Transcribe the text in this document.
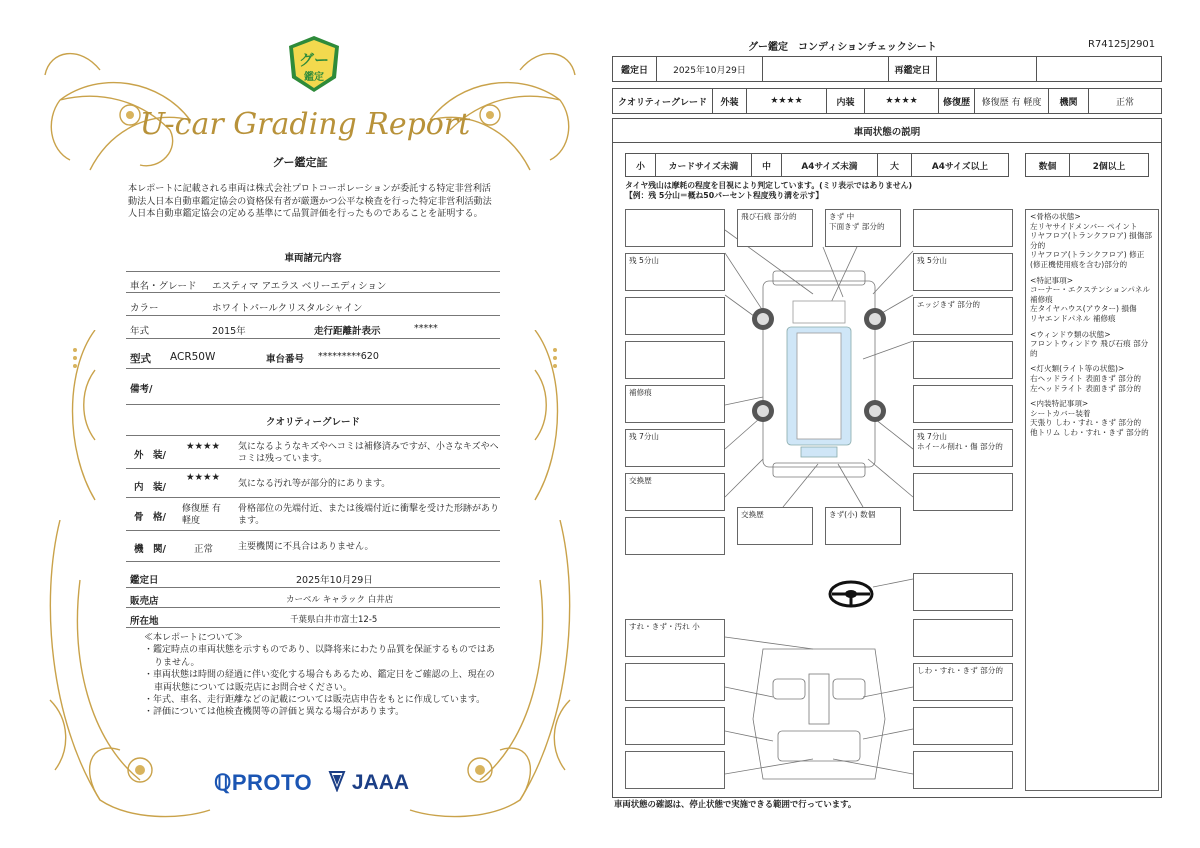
グー
鑑定
U-car Grading Report
グー鑑定証
本レポートに記載される車両は株式会社プロトコーポレーションが委託する特定非営利活動法人日本自動車鑑定協会の資格保有者が厳選かつ公平な検査を行った特定非営利活動法人日本自動車鑑定協会の定める基準にて品質評価を行ったものであることを証明する。
車両諸元内容
車名・グレード エスティマ アエラス ベリーエディション
カラー	ホワイトパールクリスタルシャイン
年式	2015年	走行距離計表示	*****
型式 ACR50W	車台番号 *********620
備考/
クオリティーグレード
外　装/
★★★★ 気になるようなキズやヘコミは補修済みですが、小さなキズやヘコミは残っています。
内　装/
★★★★
気になる汚れ等が部分的にあります。
骨　格/
修復歴 有 軽度
骨格部位の先端付近、または後端付近に衝撃を受けた形跡があります。
機　関/	正常	主要機関に不具合はありません。
鑑定日	2025年10月29日
販売店	カーベル キャラック 白井店
所在地	千葉県白井市富士12-5
≪本レポートについて≫
・鑑定時点の車両状態を示すものであり、以降将来にわたり品質を保証するものではありません。
・車両状態は時間の経過に伴い変化する場合もあるため、鑑定日をご確認の上、現在の車両状態については販売店にお問合せください。
・年式、車名、走行距離などの記載については販売店申告をもとに作成しています。
・評価については他検査機関等の評価と異なる場合があります。
ℚPROTO	JAAA
グー鑑定　コンディションチェックシート	R74125J2901
鑑定日	2025年10月29日	再鑑定日
クオリティーグレード	外装	★★★★	内装	★★★★	修復歴	修復歴 有 軽度	機関	正常
車両状態の説明
小	カードサイズ未満	中	A4サイズ未満	大	A4サイズ以上	数個	2個以上
タイヤ残山は摩耗の程度を目視により判定しています。(ミリ表示ではありません)
【例：残 5分山＝概ね50パーセント程度残り溝を示す】
残 5分山
補修痕
残 7分山
交換歴
すれ・きず・汚れ 小
飛び石痕 部分的	きず 中
下面きず 部分的
交換歴	きず(小) 数個
残 5分山
エッジきず 部分的
残 7分山
ホイール削れ・傷 部分的
しわ・すれ・きず 部分的
<骨格の状態>
左リヤサイドメンバー ペイント
リヤフロア(トランクフロア) 損傷部分的
リヤフロア(トランクフロア) 修正(修正機使用痕を含む)部分的
<特記事項>
コーナー・エクステンションパネル 補修痕
左タイヤハウス(アウター) 損傷
リヤエンドパネル 補修痕
<ウィンドウ類の状態>
フロントウィンドウ 飛び石痕 部分的
<灯火類(ライト等の状態)>
右ヘッドライト 表面きず 部分的
左ヘッドライト 表面きず 部分的
<内装特記事項>
シートカバー装着
天張り しわ・すれ・きず 部分的
他トリム しわ・すれ・きず 部分的
車両状態の確認は、停止状態で実施できる範囲で行っています。
